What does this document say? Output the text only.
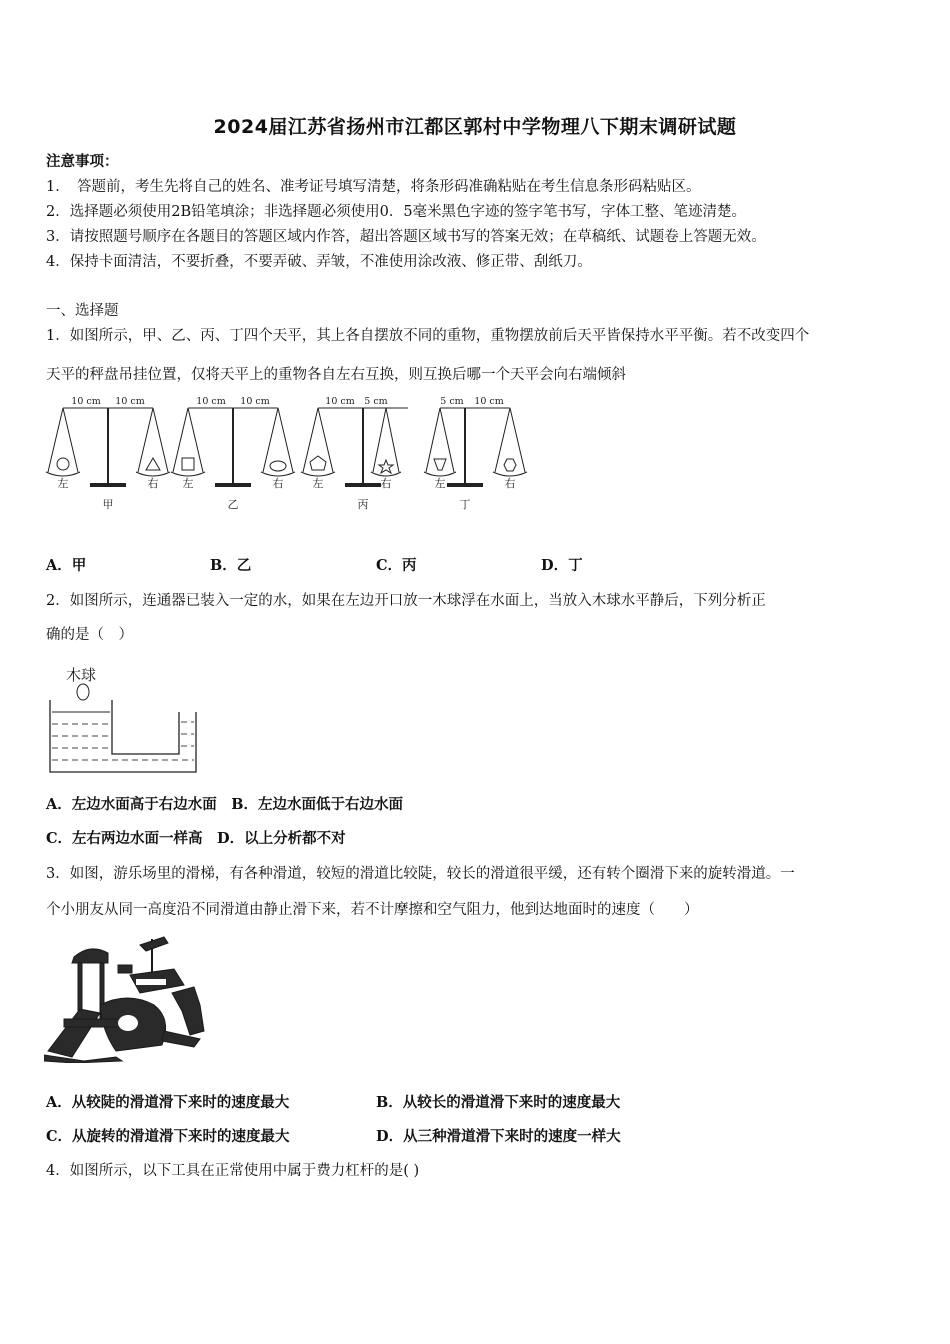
2024届江苏省扬州市江都区郭村中学物理八下期末调研试题
注意事项：
1．　答题前，考生先将自己的姓名、准考证号填写清楚，将条形码准确粘贴在考生信息条形码粘贴区。
2．选择题必须使用2B铅笔填涂；非选择题必须使用0．5毫米黑色字迹的签字笔书写，字体工整、笔迹清楚。
3．请按照题号顺序在各题目的答题区域内作答，超出答题区域书写的答案无效；在草稿纸、试题卷上答题无效。
4．保持卡面清洁，不要折叠，不要弄破、弄皱，不准使用涂改液、修正带、刮纸刀。
一、选择题
1．如图所示，甲、乙、丙、丁四个天平，其上各自摆放不同的重物，重物摆放前后天平皆保持水平平衡。若不改变四个
天平的秤盘吊挂位置，仅将天平上的重物各自左右互换，则互换后哪一个天平会向右端倾斜
10 cm 10 cm	10 cm 10 cm	10 cm 5 cm	5 cm 10 cm
左	右 左	右	左	右	左	右
甲	乙	丙	丁
A．甲	B．乙	C．丙	D．丁
2．如图所示，连通器已装入一定的水，如果在左边开口放一木球浮在水面上，当放入木球水平静后，下列分析正
确的是（　）
木球
A．左边水面高于右边水面　B．左边水面低于右边水面
C．左右两边水面一样高　D．以上分析都不对
3．如图，游乐场里的滑梯，有各种滑道，较短的滑道比较陡，较长的滑道很平缓，还有转个圈滑下来的旋转滑道。一
个小朋友从同一高度沿不同滑道由静止滑下来，若不计摩擦和空气阻力，他到达地面时的速度（　　）
A．从较陡的滑道滑下来时的速度最大	B．从较长的滑道滑下来时的速度最大
C．从旋转的滑道滑下来时的速度最大	D．从三种滑道滑下来时的速度一样大
4．如图所示，以下工具在正常使用中属于费力杠杆的是( )
